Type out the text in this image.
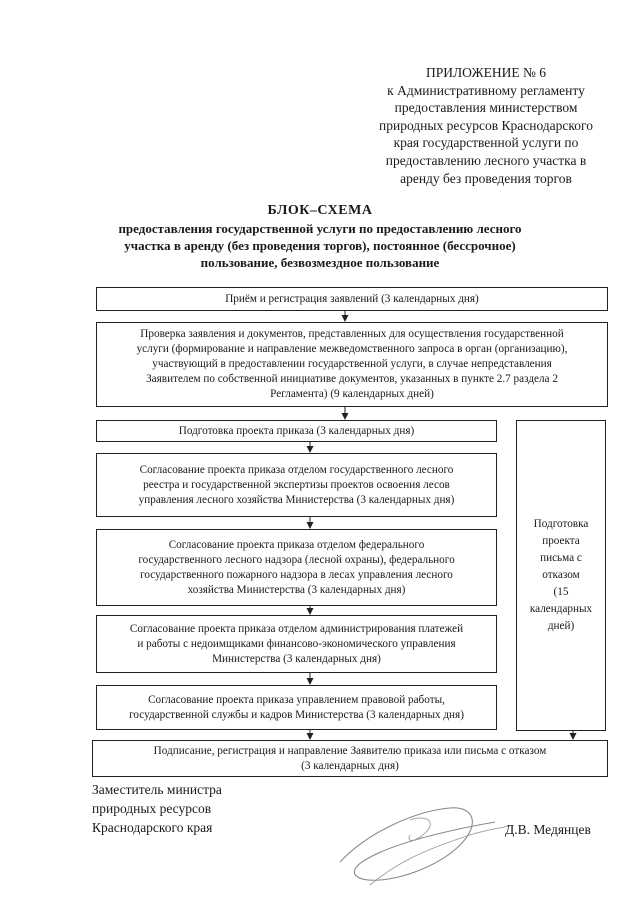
ПРИЛОЖЕНИЕ № 6
к Административному регламенту
предоставления министерством
природных ресурсов Краснодарского
края государственной услуги по
предоставлению лесного участка в
аренду без проведения торгов
БЛОК–СХЕМА
предоставления государственной услуги по предоставлению лесного
участка в аренду (без проведения торгов), постоянное (бессрочное)
пользование, безвозмездное пользование
Приём и регистрация заявлений (3 календарных дня)
Проверка заявления и документов, представленных для осуществления государственной
услуги (формирование и направление межведомственного запроса в орган (организацию),
участвующий в предоставлении государственной услуги, в случае непредставления
Заявителем по собственной инициативе документов, указанных в пункте 2.7 раздела 2
Регламента) (9 календарных дней)
Подготовка проекта приказа (3 календарных дня)
Согласование проекта приказа отделом государственного лесного
реестра и государственной экспертизы проектов освоения лесов
управления лесного хозяйства Министерства (3 календарных дня)
Согласование проекта приказа отделом федерального
государственного лесного надзора (лесной охраны), федерального
государственного пожарного надзора в лесах управления лесного
хозяйства Министерства (3 календарных дня)
Согласование проекта приказа отделом администрирования платежей
и работы с недоимщиками финансово-экономического управления
Министерства (3 календарных дня)
Согласование проекта приказа управлением правовой работы,
государственной службы и кадров Министерства (3 календарных дня)
Подготовка
проекта
письма с
отказом
(15
календарных
дней)
Подписание, регистрация и направление Заявителю приказа или письма с отказом
(3 календарных дня)
Заместитель министра
природных ресурсов
Краснодарского края	Д.В. Медянцев
